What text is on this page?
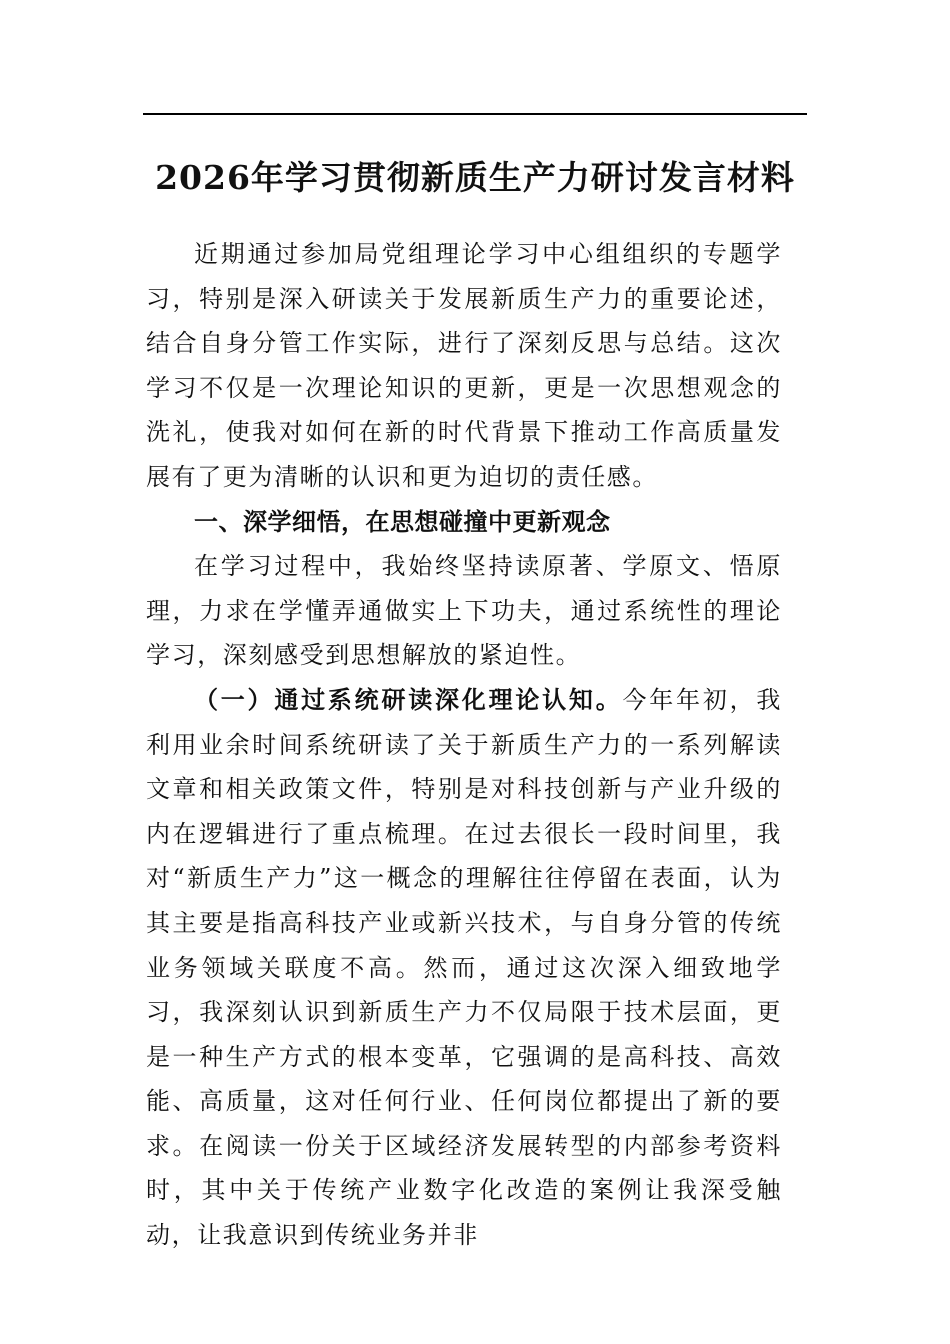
2026年学习贯彻新质生产力研讨发言材料

近期通过参加局党组理论学习中心组组织的专题学习，特别是深入研读关于发展新质生产力的重要论述，结合自身分管工作实际，进行了深刻反思与总结。这次学习不仅是一次理论知识的更新，更是一次思想观念的洗礼，使我对如何在新的时代背景下推动工作高质量发展有了更为清晰的认识和更为迫切的责任感。

一、深学细悟，在思想碰撞中更新观念

在学习过程中，我始终坚持读原著、学原文、悟原理，力求在学懂弄通做实上下功夫，通过系统性的理论学习，深刻感受到思想解放的紧迫性。

（一）通过系统研读深化理论认知。今年年初，我利用业余时间系统研读了关于新质生产力的一系列解读文章和相关政策文件，特别是对科技创新与产业升级的内在逻辑进行了重点梳理。在过去很长一段时间里，我对“新质生产力”这一概念的理解往往停留在表面，认为其主要是指高科技产业或新兴技术，与自身分管的传统业务领域关联度不高。然而，通过这次深入细致地学习，我深刻认识到新质生产力不仅局限于技术层面，更是一种生产方式的根本变革，它强调的是高科技、高效能、高质量，这对任何行业、任何岗位都提出了新的要求。在阅读一份关于区域经济发展转型的内部参考资料时，其中关于传统产业数字化改造的案例让我深受触动，让我意识到传统业务并非
